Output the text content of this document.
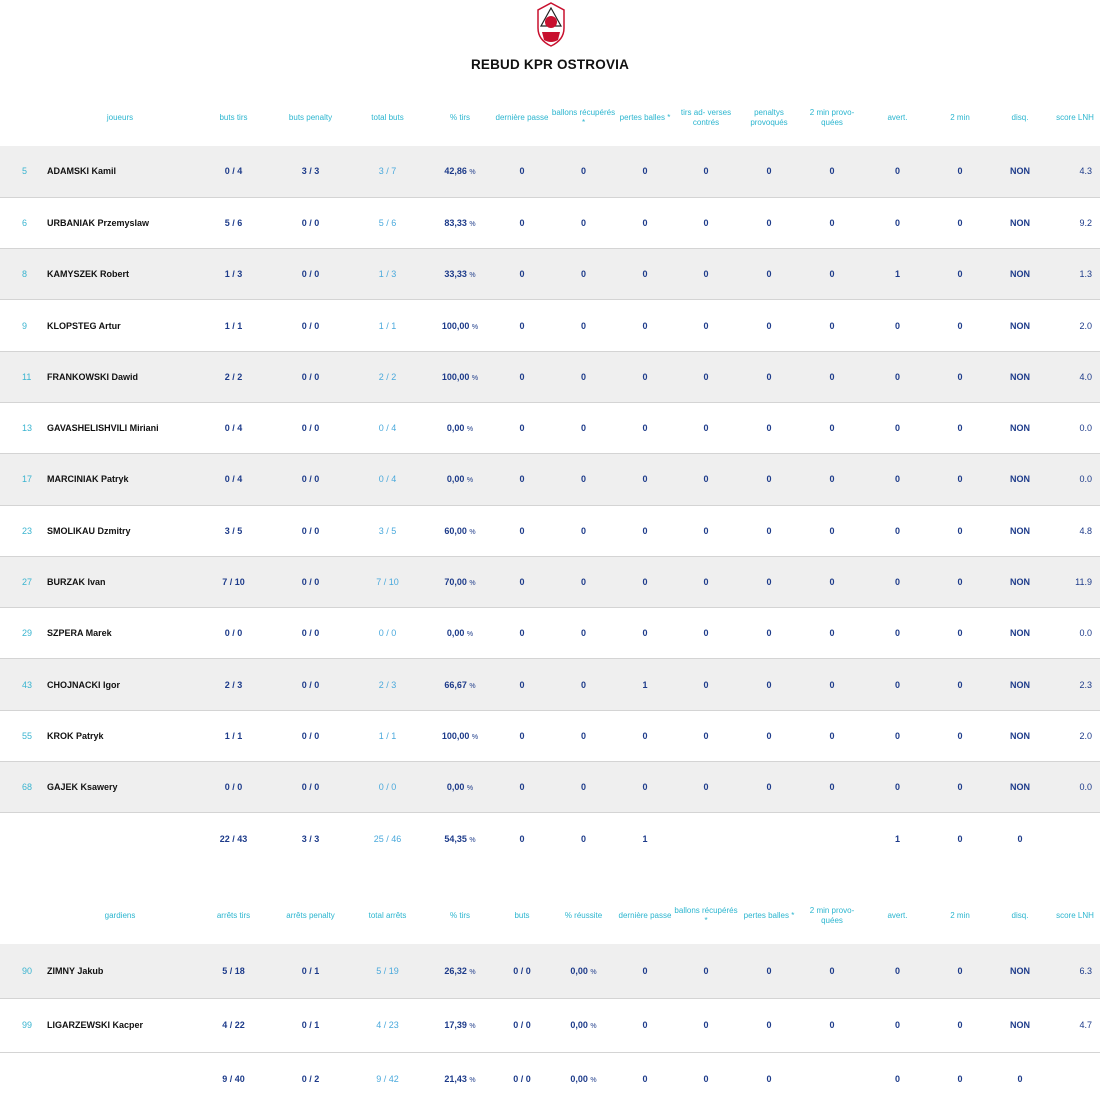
REBUD KPR OSTROVIA
	joueurs	buts tirs	buts penalty	total buts	% tirs	dernière passe	ballons récupérés *	pertes balles *	tirs ad- verses contrés	penaltys provoqués	2 min provo- quées	avert.	2 min	disq.	score LNH
5	ADAMSKI Kamil	0 / 4	3 / 3	3 / 7	42,86 %	0	0	0	0	0	0	0	0	NON	4.3
6	URBANIAK Przemyslaw	5 / 6	0 / 0	5 / 6	83,33 %	0	0	0	0	0	0	0	0	NON	9.2
8	KAMYSZEK Robert	1 / 3	0 / 0	1 / 3	33,33 %	0	0	0	0	0	0	1	0	NON	1.3
9	KLOPSTEG Artur	1 / 1	0 / 0	1 / 1	100,00 %	0	0	0	0	0	0	0	0	NON	2.0
11	FRANKOWSKI Dawid	2 / 2	0 / 0	2 / 2	100,00 %	0	0	0	0	0	0	0	0	NON	4.0
13	GAVASHELISHVILI Miriani	0 / 4	0 / 0	0 / 4	0,00 %	0	0	0	0	0	0	0	0	NON	0.0
17	MARCINIAK Patryk	0 / 4	0 / 0	0 / 4	0,00 %	0	0	0	0	0	0	0	0	NON	0.0
23	SMOLIKAU Dzmitry	3 / 5	0 / 0	3 / 5	60,00 %	0	0	0	0	0	0	0	0	NON	4.8
27	BURZAK Ivan	7 / 10	0 / 0	7 / 10	70,00 %	0	0	0	0	0	0	0	0	NON	11.9
29	SZPERA Marek	0 / 0	0 / 0	0 / 0	0,00 %	0	0	0	0	0	0	0	0	NON	0.0
43	CHOJNACKI Igor	2 / 3	0 / 0	2 / 3	66,67 %	0	0	1	0	0	0	0	0	NON	2.3
55	KROK Patryk	1 / 1	0 / 0	1 / 1	100,00 %	0	0	0	0	0	0	0	0	NON	2.0
68	GAJEK Ksawery	0 / 0	0 / 0	0 / 0	0,00 %	0	0	0	0	0	0	0	0	NON	0.0
		22 / 43	3 / 3	25 / 46	54,35 %	0	0	1				1	0	0	
	gardiens	arrêts tirs	arrêts penalty	total arrêts	% tirs	buts	% réussite	dernière passe	ballons récupérés *	pertes balles *	2 min provo- quées	avert.	2 min	disq.	score LNH
90	ZIMNY Jakub	5 / 18	0 / 1	5 / 19	26,32 %	0 / 0	0,00 %	0	0	0	0	0	0	NON	6.3
99	LIGARZEWSKI Kacper	4 / 22	0 / 1	4 / 23	17,39 %	0 / 0	0,00 %	0	0	0	0	0	0	NON	4.7
		9 / 40	0 / 2	9 / 42	21,43 %	0 / 0	0,00 %	0	0	0		0	0	0	
